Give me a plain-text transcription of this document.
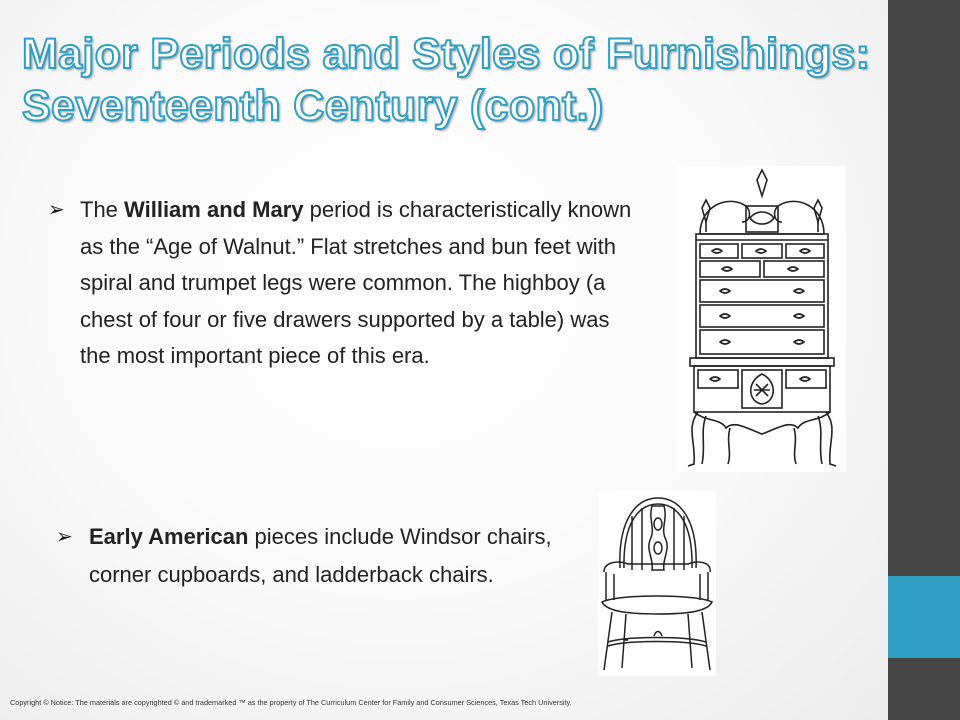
Major Periods and Styles of Furnishings:
Seventeenth Century (cont.)

➢ The William and Mary period is characteristically known as the “Age of Walnut.” Flat stretches and bun feet with spiral and trumpet legs were common. The highboy (a chest of four or five drawers supported by a table) was the most important piece of this era.

➢ Early American pieces include Windsor chairs, corner cupboards, and ladderback chairs.

Copyright © Notice: The materials are copyrighted © and trademarked ™ as the property of The Curriculum Center for Family and Consumer Sciences, Texas Tech University.
